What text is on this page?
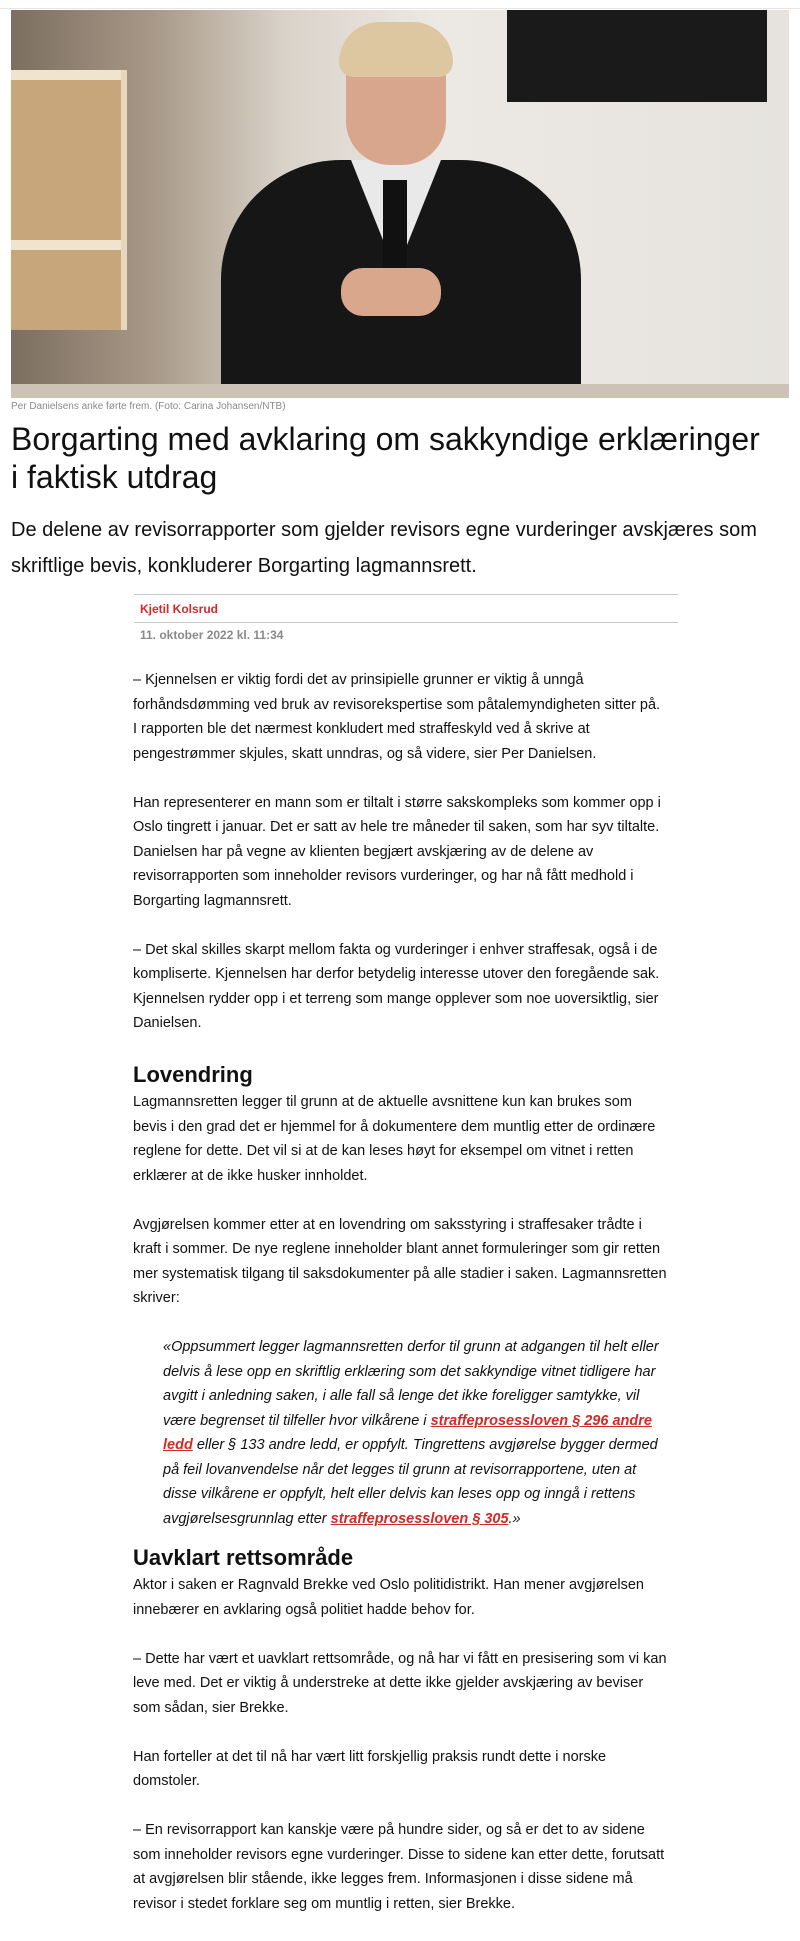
Per Danielsens anke førte frem. (Foto: Carina Johansen/NTB)
Borgarting med avklaring om sakkyndige erklæringer i faktisk utdrag

De delene av revisorrapporter som gjelder revisors egne vurderinger avskjæres som skriftlige bevis, konkluderer Borgarting lagmannsrett.

Kjetil Kolsrud
11. oktober 2022 kl. 11:34

– Kjennelsen er viktig fordi det av prinsipielle grunner er viktig å unngå forhåndsdømming ved bruk av revisorekspertise som påtalemyndigheten sitter på. I rapporten ble det nærmest konkludert med straffeskyld ved å skrive at pengestrømmer skjules, skatt unndras, og så videre, sier Per Danielsen.

Han representerer en mann som er tiltalt i større sakskompleks som kommer opp i Oslo tingrett i januar. Det er satt av hele tre måneder til saken, som har syv tiltalte. Danielsen har på vegne av klienten begjært avskjæring av de delene av revisorrapporten som inneholder revisors vurderinger, og har nå fått medhold i Borgarting lagmannsrett.

– Det skal skilles skarpt mellom fakta og vurderinger i enhver straffesak, også i de kompliserte. Kjennelsen har derfor betydelig interesse utover den foregående sak. Kjennelsen rydder opp i et terreng som mange opplever som noe uoversiktlig, sier Danielsen.

Lovendring

Lagmannsretten legger til grunn at de aktuelle avsnittene kun kan brukes som bevis i den grad det er hjemmel for å dokumentere dem muntlig etter de ordinære reglene for dette. Det vil si at de kan leses høyt for eksempel om vitnet i retten erklærer at de ikke husker innholdet.

Avgjørelsen kommer etter at en lovendring om saksstyring i straffesaker trådte i kraft i sommer. De nye reglene inneholder blant annet formuleringer som gir retten mer systematisk tilgang til saksdokumenter på alle stadier i saken. Lagmannsretten skriver:

«Oppsummert legger lagmannsretten derfor til grunn at adgangen til helt eller delvis å lese opp en skriftlig erklæring som det sakkyndige vitnet tidligere har avgitt i anledning saken, i alle fall så lenge det ikke foreligger samtykke, vil være begrenset til tilfeller hvor vilkårene i straffeprosessloven § 296 andre ledd eller § 133 andre ledd, er oppfylt. Tingrettens avgjørelse bygger dermed på feil lovanvendelse når det legges til grunn at revisorrapportene, uten at disse vilkårene er oppfylt, helt eller delvis kan leses opp og inngå i rettens avgjørelsesgrunnlag etter straffeprosessloven § 305.»
Uavklart rettsområde

Aktor i saken er Ragnvald Brekke ved Oslo politidistrikt. Han mener avgjørelsen innebærer en avklaring også politiet hadde behov for.

– Dette har vært et uavklart rettsområde, og nå har vi fått en presisering som vi kan leve med. Det er viktig å understreke at dette ikke gjelder avskjæring av beviser som sådan, sier Brekke.

Han forteller at det til nå har vært litt forskjellig praksis rundt dette i norske domstoler.

– En revisorrapport kan kanskje være på hundre sider, og så er det to av sidene som inneholder revisors egne vurderinger. Disse to sidene kan etter dette, forutsatt at avgjørelsen blir stående, ikke legges frem. Informasjonen i disse sidene må revisor i stedet forklare seg om muntlig i retten, sier Brekke.
